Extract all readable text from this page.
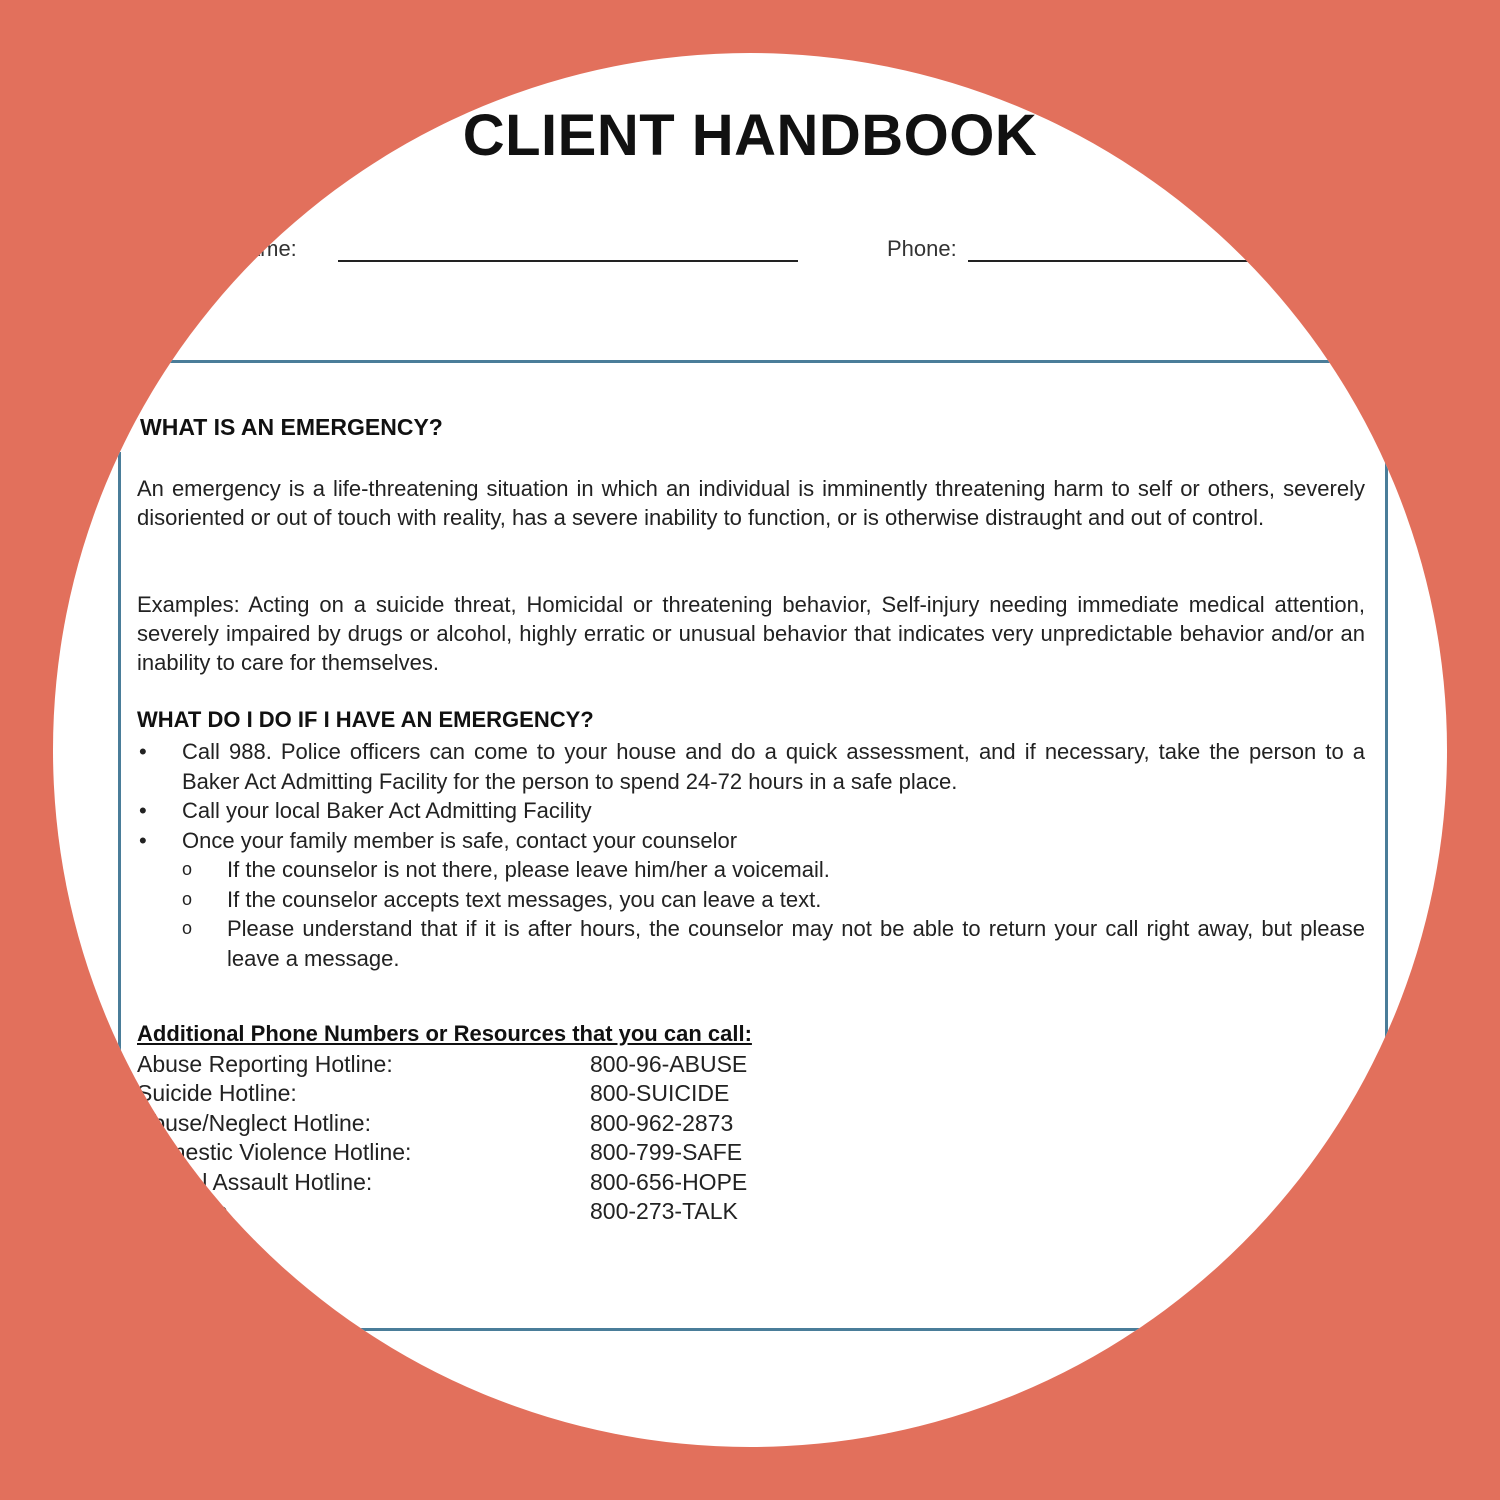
CLIENT HANDBOOK
Name:	Phone:
WHAT IS AN EMERGENCY?
An emergency is a life-threatening situation in which an individual is imminently threatening harm to self or others, severely disoriented or out of touch with reality, has a severe inability to function, or is otherwise distraught and out of control.
Examples: Acting on a suicide threat, Homicidal or threatening behavior, Self-injury needing immediate medical attention, severely impaired by drugs or alcohol, highly erratic or unusual behavior that indicates very unpredictable behavior and/or an inability to care for themselves.
WHAT DO I DO IF I HAVE AN EMERGENCY?
• Call 988. Police officers can come to your house and do a quick assessment, and if necessary, take the person to a Baker Act Admitting Facility for the person to spend 24-72 hours in a safe place.
• Call your local Baker Act Admitting Facility
• Once your family member is safe, contact your counselor
o If the counselor is not there, please leave him/her a voicemail.
o If the counselor accepts text messages, you can leave a text.
o Please understand that if it is after hours, the counselor may not be able to return your call right away, but please leave a message.
Additional Phone Numbers or Resources that you can call:
Abuse Reporting Hotline:	800-96-ABUSE
Suicide Hotline:	800-SUICIDE
Abuse/Neglect Hotline:	800-962-2873
Domestic Violence Hotline:	800-799-SAFE
Sexual Assault Hotline:	800-656-HOPE
Talk Line	800-273-TALK
